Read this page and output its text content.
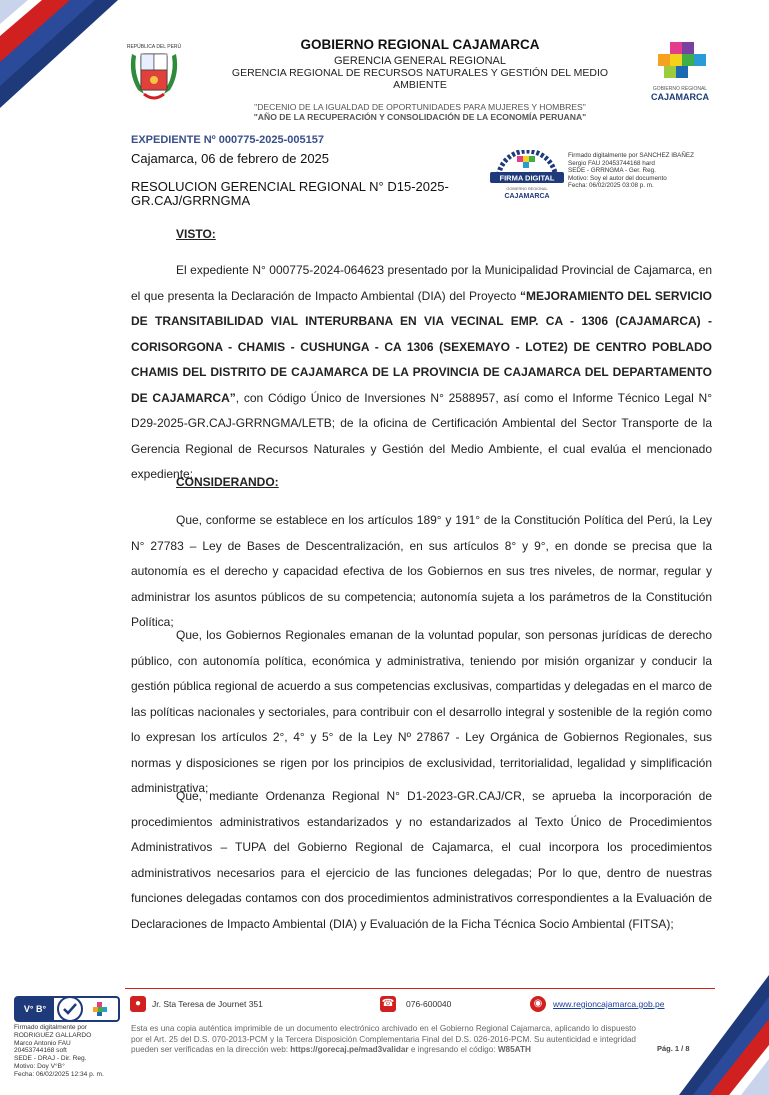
REPÚBLICA DEL PERÚ	GOBIERNO REGIONAL CAJAMARCA
GERENCIA GENERAL REGIONAL
GERENCIA REGIONAL DE RECURSOS NATURALES Y GESTIÓN DEL MEDIO
AMBIENTE	GOBIERNO REGIONAL
CAJAMARCA
"DECENIO DE LA IGUALDAD DE OPORTUNIDADES PARA MUJERES Y HOMBRES"
"AÑO DE LA RECUPERACIÓN Y CONSOLIDACIÓN DE LA ECONOMÍA PERUANA"
EXPEDIENTE Nº 000775-2025-005157
Cajamarca, 06 de febrero de 2025
RESOLUCION GERENCIAL REGIONAL N° D15-2025-
GR.CAJ/GRRNGMA
FIRMA DIGITAL
GOBIERNO REGIONAL
CAJAMARCA
Firmado digitalmente por SANCHEZ IBAÑEZ
Sergio FAU 20453744168 hard
SEDE - GRRNGMA - Ger. Reg.
Motivo: Soy el autor del documento
Fecha: 06/02/2025 03:08 p. m.
VISTO:

El expediente N° 000775-2024-064623 presentado por la Municipalidad Provincial de Cajamarca, en el que presenta la Declaración de Impacto Ambiental (DIA) del Proyecto “MEJORAMIENTO DEL SERVICIO DE TRANSITABILIDAD VIAL INTERURBANA EN VIA VECINAL EMP. CA - 1306 (CAJAMARCA) - CORISORGONA - CHAMIS - CUSHUNGA - CA 1306 (SEXEMAYO - LOTE2) DE CENTRO POBLADO CHAMIS DEL DISTRITO DE CAJAMARCA DE LA PROVINCIA DE CAJAMARCA DEL DEPARTAMENTO DE CAJAMARCA”, con Código Único de Inversiones N° 2588957, así como el Informe Técnico Legal N° D29-2025-GR.CAJ-GRRNGMA/LETB; de la oficina de Certificación Ambiental del Sector Transporte de la Gerencia Regional de Recursos Naturales y Gestión del Medio Ambiente, el cual evalúa el mencionado expediente;

CONSIDERANDO:

Que, conforme se establece en los artículos 189° y 191° de la Constitución Política del Perú, la Ley N° 27783 – Ley de Bases de Descentralización, en sus artículos 8° y 9°, en donde se precisa que la autonomía es el derecho y capacidad efectiva de los Gobiernos en sus tres niveles, de normar, regular y administrar los asuntos públicos de su competencia; autonomía sujeta a los parámetros de la Constitución Política;

Que, los Gobiernos Regionales emanan de la voluntad popular, son personas jurídicas de derecho público, con autonomía política, económica y administrativa, teniendo por misión organizar y conducir la gestión pública regional de acuerdo a sus competencias exclusivas, compartidas y delegadas en el marco de las políticas nacionales y sectoriales, para contribuir con el desarrollo integral y sostenible de la región como lo expresan los artículos 2°, 4° y 5° de la Ley Nº 27867 - Ley Orgánica de Gobiernos Regionales, sus normas y disposiciones se rigen por los principios de exclusividad, territorialidad, legalidad y simplificación administrativa;

Que, mediante Ordenanza Regional N° D1-2023-GR.CAJ/CR, se aprueba la incorporación de procedimientos administrativos estandarizados y no estandarizados al Texto Único de Procedimientos Administrativos – TUPA del Gobierno Regional de Cajamarca, el cual incorpora los procedimientos administrativos necesarios para el ejercicio de las funciones delegadas; Por lo que, dentro de nuestras funciones delegadas contamos con dos procedimientos administrativos correspondientes a la Evaluación de Declaraciones de Impacto Ambiental (DIA) y Evaluación de la Ficha Técnica Socio Ambiental (FITSA);

●	Jr. Sta Teresa de Journet 351	☎ 076-600040	◉	www.regioncajamarca.gob.pe
V° B°
Firmado digitalmente por
RODRIGUEZ GALLARDO
Marco Antonio FAU
20453744168 soft
SEDE - DRAJ - Dir. Reg.
Motivo: Doy V°B°
Fecha: 06/02/2025 12:34 p. m.
Esta es una copia auténtica imprimible de un documento electrónico archivado en el Gobierno Regional Cajamarca, aplicando lo dispuesto por el Art. 25 del D.S. 070-2013-PCM y la Tercera Disposición Complementaria Final del D.S. 026-2016-PCM. Su autenticidad e integridad pueden ser verificadas en la dirección web: https://gorecaj.pe/mad3validar e ingresando el código: W85ATH	Pág. 1 / 8
